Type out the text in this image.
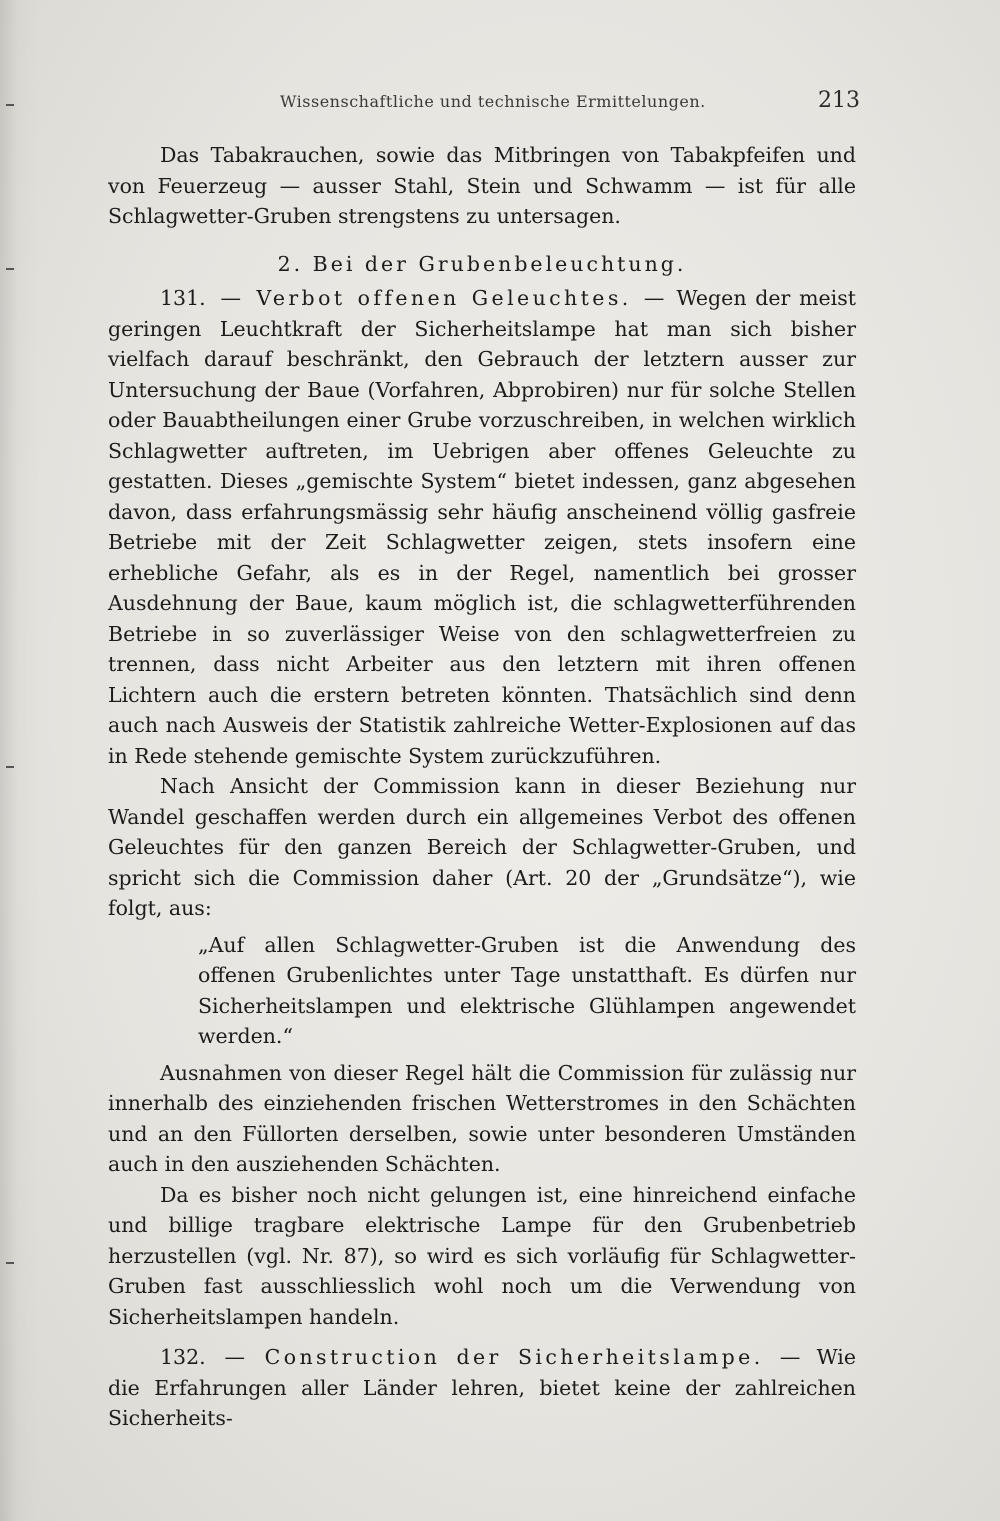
Wissenschaftliche und technische Ermittelungen.	213

Das Tabakrauchen, sowie das Mitbringen von Tabakpfeifen und von Feuerzeug — ausser Stahl, Stein und Schwamm — ist für alle Schlagwetter-Gruben strengstens zu untersagen.

2. Bei der Grubenbeleuchtung.

131. — Verbot offenen Geleuchtes. — Wegen der meist geringen Leuchtkraft der Sicherheitslampe hat man sich bisher vielfach darauf beschränkt, den Gebrauch der letztern ausser zur Untersuchung der Baue (Vorfahren, Abprobiren) nur für solche Stellen oder Bauabtheilungen einer Grube vorzuschreiben, in welchen wirklich Schlagwetter auftreten, im Uebrigen aber offenes Geleuchte zu gestatten. Dieses „gemischte System“ bietet indessen, ganz abgesehen davon, dass erfahrungsmässig sehr häufig anscheinend völlig gasfreie Betriebe mit der Zeit Schlagwetter zeigen, stets insofern eine erhebliche Gefahr, als es in der Regel, namentlich bei grosser Ausdehnung der Baue, kaum möglich ist, die schlagwetterführenden Betriebe in so zuverlässiger Weise von den schlagwetterfreien zu trennen, dass nicht Arbeiter aus den letztern mit ihren offenen Lichtern auch die erstern betreten könnten. Thatsächlich sind denn auch nach Ausweis der Statistik zahlreiche Wetter-Explosionen auf das in Rede stehende gemischte System zurückzuführen.

Nach Ansicht der Commission kann in dieser Beziehung nur Wandel geschaffen werden durch ein allgemeines Verbot des offenen Geleuchtes für den ganzen Bereich der Schlagwetter-Gruben, und spricht sich die Commission daher (Art. 20 der „Grundsätze“), wie folgt, aus:

„Auf allen Schlagwetter-Gruben ist die Anwendung des offenen Grubenlichtes unter Tage unstatthaft. Es dürfen nur Sicherheitslampen und elektrische Glühlampen angewendet werden.“

Ausnahmen von dieser Regel hält die Commission für zulässig nur innerhalb des einziehenden frischen Wetterstromes in den Schächten und an den Füllorten derselben, sowie unter besonderen Umständen auch in den ausziehenden Schächten.

Da es bisher noch nicht gelungen ist, eine hinreichend einfache und billige tragbare elektrische Lampe für den Grubenbetrieb herzustellen (vgl. Nr. 87), so wird es sich vorläufig für Schlagwetter-Gruben fast ausschliesslich wohl noch um die Verwendung von Sicherheitslampen handeln.

132. — Construction der Sicherheitslampe. — Wie die Erfahrungen aller Länder lehren, bietet keine der zahlreichen Sicherheits-
